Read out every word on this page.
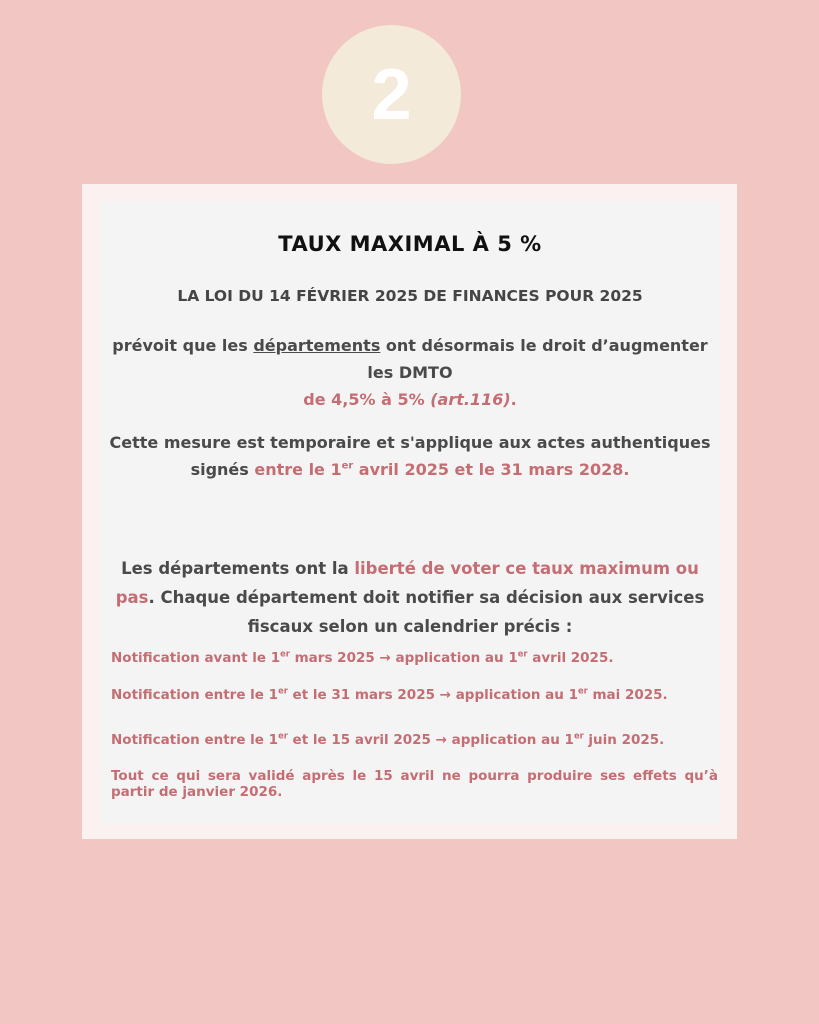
2
TAUX MAXIMAL À 5 %
LA LOI DU 14 FÉVRIER 2025 DE FINANCES POUR 2025
prévoit que les départements ont désormais le droit d’augmenter les DMTO
de 4,5% à 5% (art.116).
Cette mesure est temporaire et s'applique aux actes authentiques signés entre le 1er avril 2025 et le 31 mars 2028.
Les départements ont la liberté de voter ce taux maximum ou pas. Chaque département doit notifier sa décision aux services fiscaux selon un calendrier précis :
Notification avant le 1er mars 2025 → application au 1er avril 2025.
Notification entre le 1er et le 31 mars 2025 → application au 1er mai 2025.
Notification entre le 1er et le 15 avril 2025 → application au 1er juin 2025.
Tout ce qui sera validé après le 15 avril ne pourra produire ses effets qu’à partir de janvier 2026.
